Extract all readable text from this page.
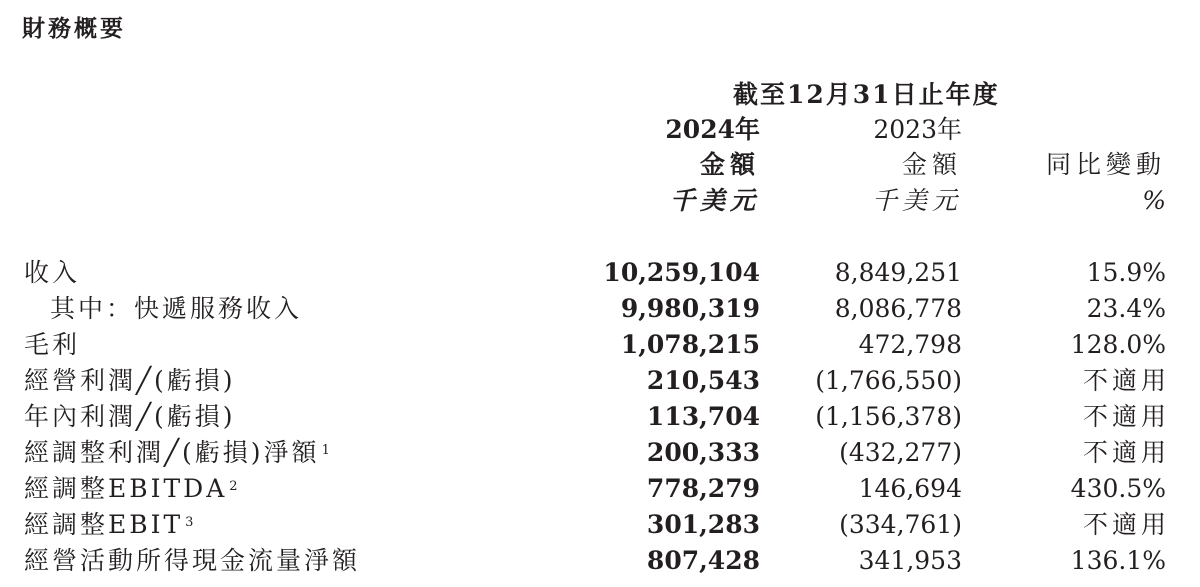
財務概要
截至12月31日止年度
2024年
金額
千美元
2023年
金額
千美元
同比變動
%
收入	10,259,104	8,849,251	15.9%
其中：快遞服務收入	9,980,319	8,086,778	23.4%
毛利	1,078,215	472,798	128.0%
經營利潤╱(虧損)	210,543 (1,766,550)	不適用
年內利潤╱(虧損)	113,704 (1,156,378)	不適用
經調整利潤╱(虧損)淨額 $^1$	200,333	(432,277)	不適用
經調整EBITDA $^2$	778,279	146,694	430.5%
經調整EBIT $^3$	301,283	(334,761)	不適用
經營活動所得現金流量淨額	807,428	341,953	136.1%
